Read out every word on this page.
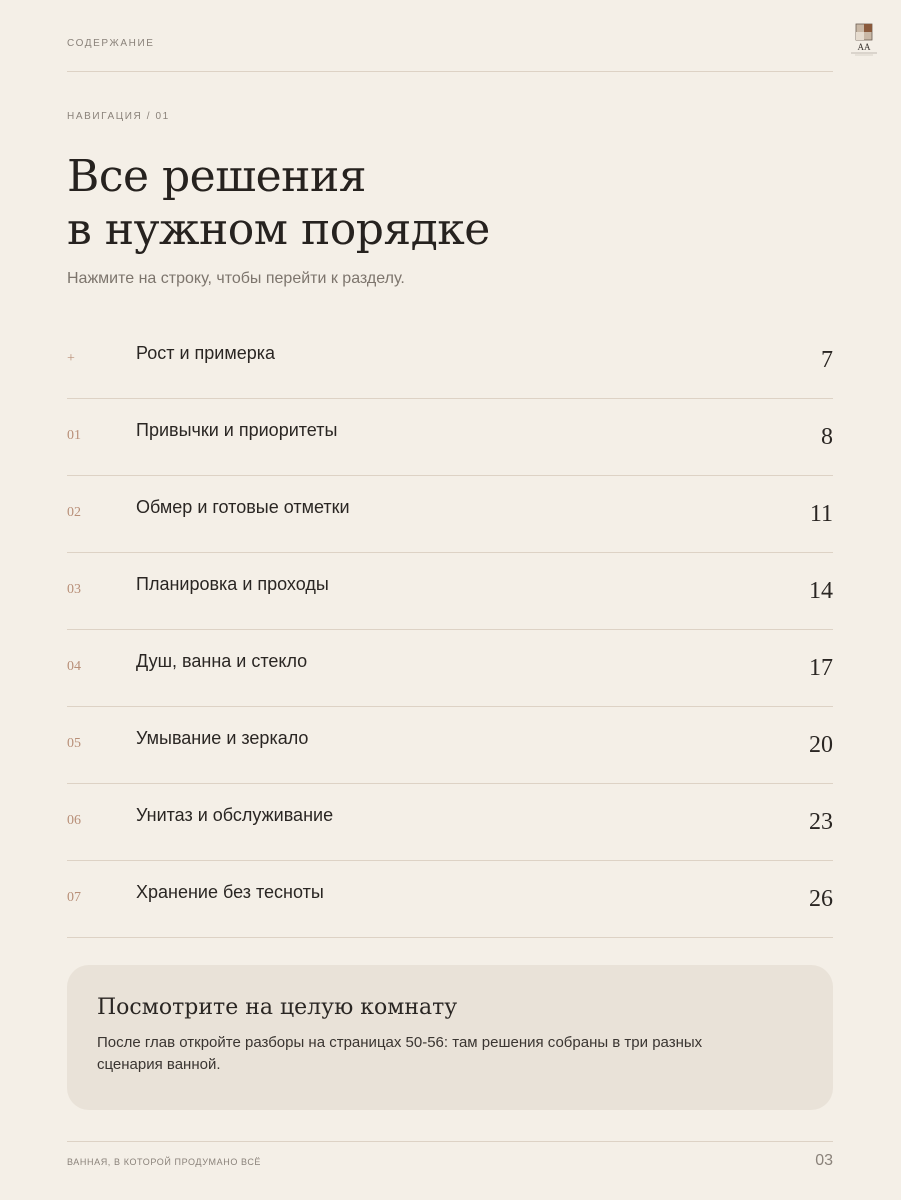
СОДЕРЖАНИЕ	АА
НАВИГАЦИЯ / 01
Все решения
в нужном порядке
Нажмите на строку, чтобы перейти к разделу.
+	Рост и примерка	7
01	Привычки и приоритеты	8
02	Обмер и готовые отметки	11
03	Планировка и проходы	14
04	Душ, ванна и стекло	17
05	Умывание и зеркало	20
06	Унитаз и обслуживание	23
07	Хранение без тесноты	26
Посмотрите на целую комнату

После глав откройте разборы на страницах 50-56: там решения собраны в три разных сценария ванной.

ВАННАЯ, В КОТОРОЙ ПРОДУМАНО ВСЁ	03
